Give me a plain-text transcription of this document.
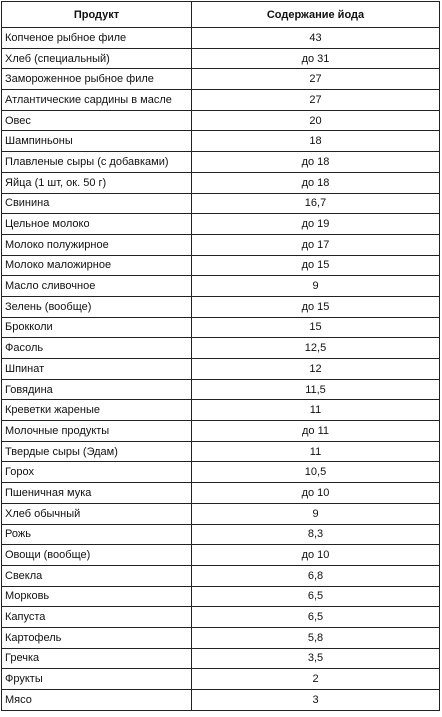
Продукт	Содержание йода
Копченое рыбное филе	43
Хлеб (специальный)	до 31
Замороженное рыбное филе	27
Атлантические сардины в масле	27
Овес	20
Шампиньоны	18
Плавленые сыры (с добавками)	до 18
Яйца (1 шт, ок. 50 г)	до 18
Свинина	16,7
Цельное молоко	до 19
Молоко полужирное	до 17
Молоко маложирное	до 15
Масло сливочное	9
Зелень (вообще)	до 15
Брокколи	15
Фасоль	12,5
Шпинат	12
Говядина	11,5
Креветки жареные	11
Молочные продукты	до 11
Твердые сыры (Эдам)	11
Горох	10,5
Пшеничная мука	до 10
Хлеб обычный	9
Рожь	8,3
Овощи (вообще)	до 10
Свекла	6,8
Морковь	6,5
Капуста	6,5
Картофель	5,8
Гречка	3,5
Фрукты	2
Мясо	3
